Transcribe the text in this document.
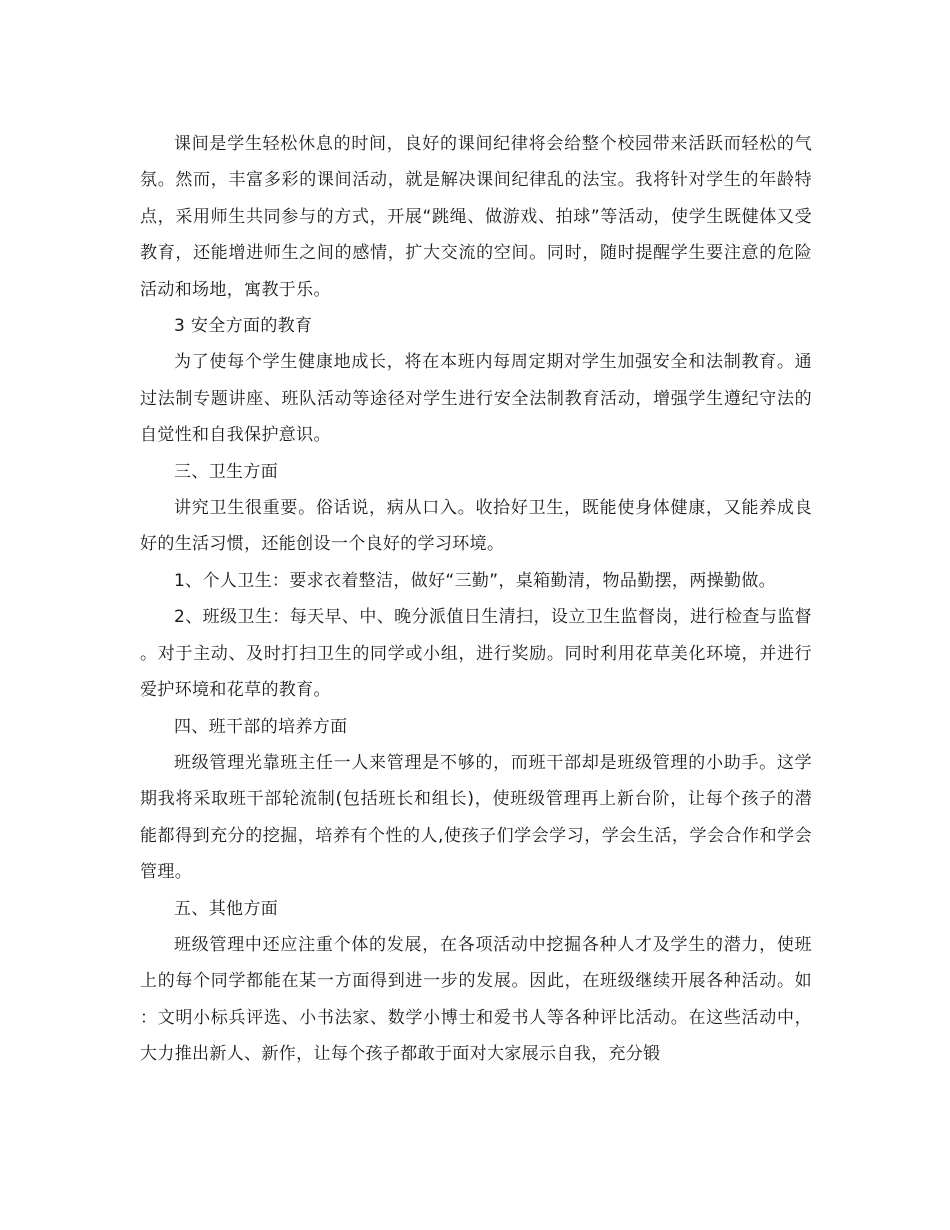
课间是学生轻松休息的时间，良好的课间纪律将会给整个校园带来活跃而轻松的气氛。然而，丰富多彩的课间活动，就是解决课间纪律乱的法宝。我将针对学生的年龄特点，采用师生共同参与的方式，开展“跳绳、做游戏、拍球”等活动，使学生既健体又受教育，还能增进师生之间的感情，扩大交流的空间。同时，随时提醒学生要注意的危险活动和场地，寓教于乐。

3 安全方面的教育

为了使每个学生健康地成长，将在本班内每周定期对学生加强安全和法制教育。通过法制专题讲座、班队活动等途径对学生进行安全法制教育活动，增强学生遵纪守法的自觉性和自我保护意识。

三、卫生方面

讲究卫生很重要。俗话说，病从口入。收拾好卫生，既能使身体健康，又能养成良好的生活习惯，还能创设一个良好的学习环境。

1、个人卫生：要求衣着整洁，做好“三勤”，桌箱勤清，物品勤摆，两操勤做。

2、班级卫生：每天早、中、晚分派值日生清扫，设立卫生监督岗，进行检查与监督。对于主动、及时打扫卫生的同学或小组，进行奖励。同时利用花草美化环境，并进行爱护环境和花草的教育。

四、班干部的培养方面

班级管理光靠班主任一人来管理是不够的，而班干部却是班级管理的小助手。这学期我将采取班干部轮流制(包括班长和组长)，使班级管理再上新台阶，让每个孩子的潜能都得到充分的挖掘，培养有个性的人,使孩子们学会学习，学会生活，学会合作和学会管理。

五、其他方面

班级管理中还应注重个体的发展，在各项活动中挖掘各种人才及学生的潜力，使班上的每个同学都能在某一方面得到进一步的发展。因此，在班级继续开展各种活动。如：文明小标兵评选、小书法家、数学小博士和爱书人等各种评比活动。在这些活动中，大力推出新人、新作，让每个孩子都敢于面对大家展示自我，充分锻
